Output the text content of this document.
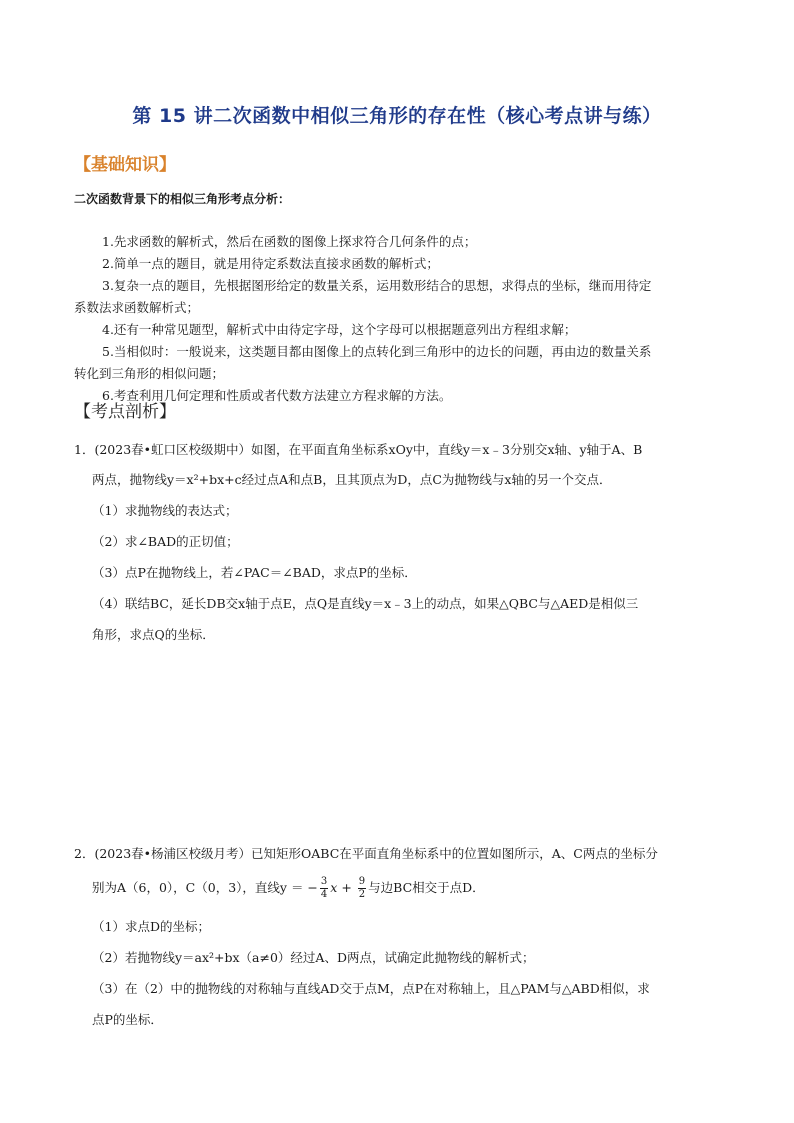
第 15 讲二次函数中相似三角形的存在性（核心考点讲与练）
【基础知识】
二次函数背景下的相似三角形考点分析：
1.先求函数的解析式，然后在函数的图像上探求符合几何条件的点；
2.简单一点的题目，就是用待定系数法直接求函数的解析式；
3.复杂一点的题目，先根据图形给定的数量关系，运用数形结合的思想，求得点的坐标，继而用待定
系数法求函数解析式；
4.还有一种常见题型，解析式中由待定字母，这个字母可以根据题意列出方程组求解；
5.当相似时：一般说来，这类题目都由图像上的点转化到三角形中的边长的问题，再由边的数量关系
转化到三角形的相似问题；
6.考查利用几何定理和性质或者代数方法建立方程求解的方法。
【考点剖析】
1．(2023春•虹口区校级期中）如图，在平面直角坐标系xOy中，直线y＝x﹣3分别交x轴、y轴于A、B
两点，抛物线y＝x²+bx+c经过点A和点B，且其顶点为D，点C为抛物线与x轴的另一个交点．
（1）求抛物线的表达式；
（2）求∠BAD的正切值；
（3）点P在抛物线上，若∠PAC＝∠BAD，求点P的坐标．
（4）联结BC，延长DB交x轴于点E，点Q是直线y＝x﹣3上的动点，如果△QBC与△AED是相似三
角形，求点Q的坐标．
2．(2023春•杨浦区校级月考）已知矩形OABC在平面直角坐标系中的位置如图所示，A、C两点的坐标分
别为A（6，0），C（0，3），直线y ＝ − $\frac{3}{4}$ $x + \frac{9}{2}$ 与边BC相交于点D．
（1）求点D的坐标；
（2）若抛物线y＝ax²+bx（a≠0）经过A、D两点，试确定此抛物线的解析式；
（3）在（2）中的抛物线的对称轴与直线AD交于点M，点P在对称轴上，且△PAM与△ABD相似，求
点P的坐标．
